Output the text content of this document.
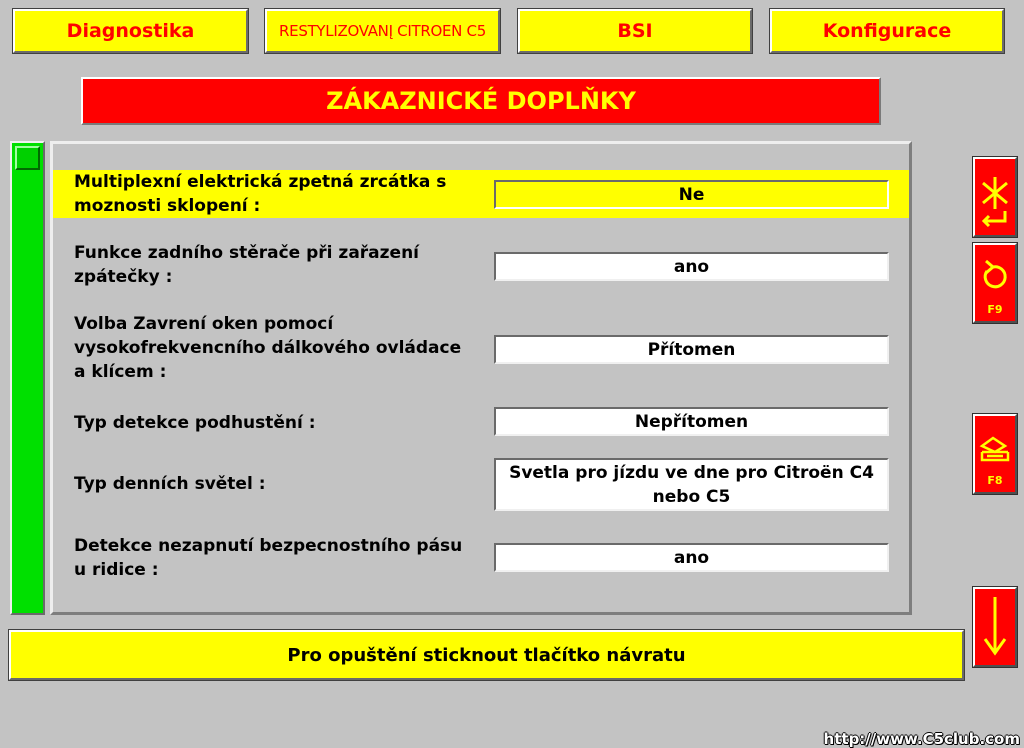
Diagnostika	RESTYLIZOVANĮ CITROEN C5	BSI	Konfigurace
ZÁKAZNICKÉ DOPLŇKY
Multiplexní elektrická zpetná zrcátka s moznosti sklopení :
Ne
Funkce zadního stěrače při zařazení zpátečky :
ano
Volba Zavrení oken pomocí vysokofrekvencního dálkového ovládace a klícem :
Přítomen
Typ detekce podhustění :	Nepřítomen
Typ denních světel :
Svetla pro jízdu ve dne pro Citroën C4 nebo C5
Detekce nezapnutí bezpecnostního pásu u ridice :
ano
F9
F8
Pro opuštění sticknout tlačítko návratu
http://www.C5club.com
